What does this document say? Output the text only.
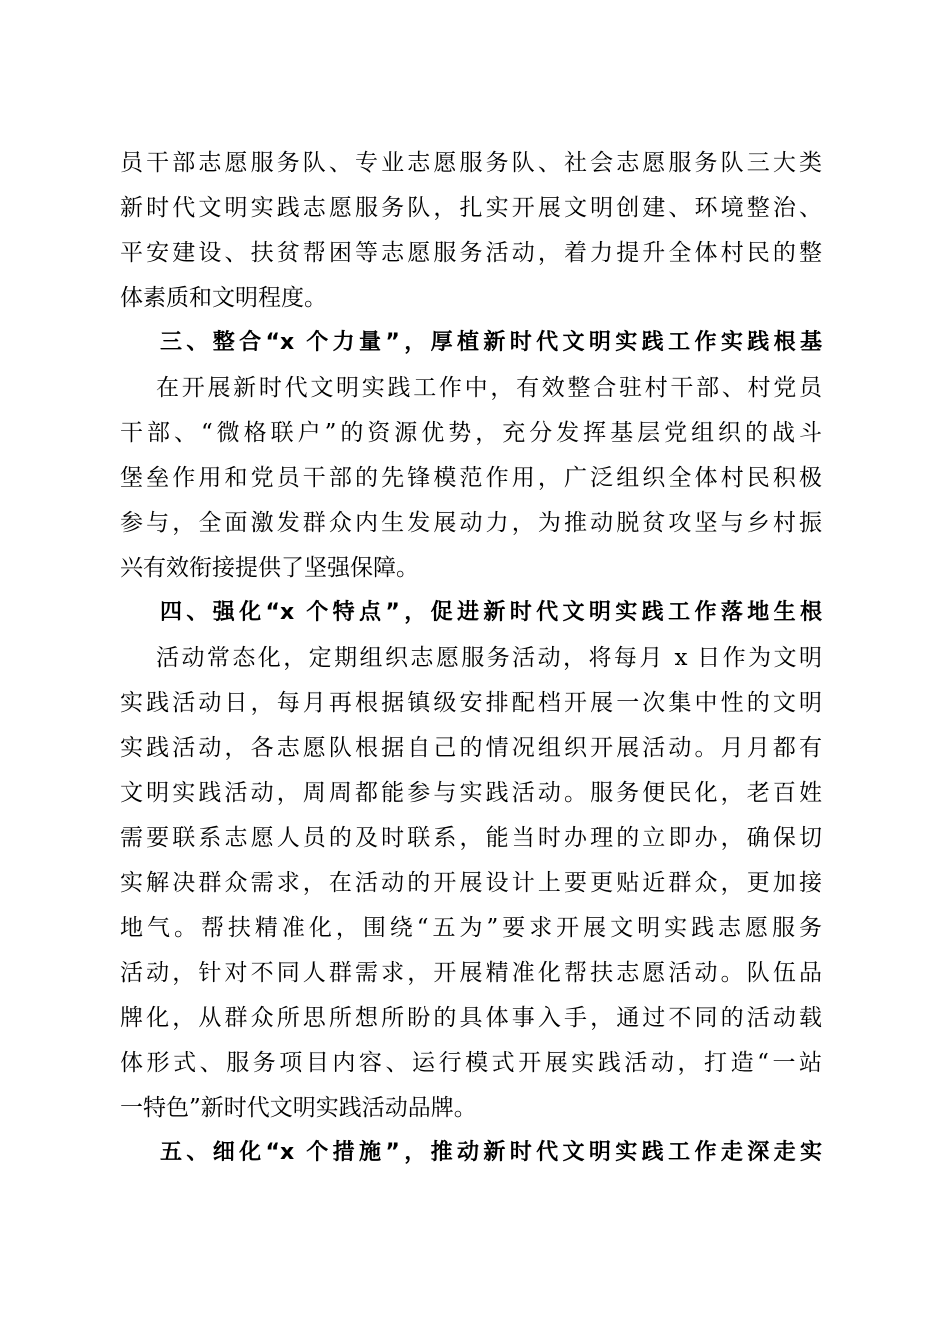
员干部志愿服务队、专业志愿服务队、社会志愿服务队三大类
新时代文明实践志愿服务队，扎实开展文明创建、环境整治、
平安建设、扶贫帮困等志愿服务活动，着力提升全体村民的整
体素质和文明程度。
三、整合“x 个力量”，厚植新时代文明实践工作实践根基
在开展新时代文明实践工作中，有效整合驻村干部、村党员
干部、“微格联户”的资源优势，充分发挥基层党组织的战斗
堡垒作用和党员干部的先锋模范作用，广泛组织全体村民积极
参与，全面激发群众内生发展动力，为推动脱贫攻坚与乡村振
兴有效衔接提供了坚强保障。
四、强化“x 个特点”，促进新时代文明实践工作落地生根
活动常态化，定期组织志愿服务活动，将每月 x 日作为文明
实践活动日，每月再根据镇级安排配档开展一次集中性的文明
实践活动，各志愿队根据自己的情况组织开展活动。月月都有
文明实践活动，周周都能参与实践活动。服务便民化，老百姓
需要联系志愿人员的及时联系，能当时办理的立即办，确保切
实解决群众需求，在活动的开展设计上要更贴近群众，更加接
地气。帮扶精准化，围绕“五为”要求开展文明实践志愿服务
活动，针对不同人群需求，开展精准化帮扶志愿活动。队伍品
牌化，从群众所思所想所盼的具体事入手，通过不同的活动载
体形式、服务项目内容、运行模式开展实践活动，打造“一站
一特色”新时代文明实践活动品牌。
五、细化“x 个措施”，推动新时代文明实践工作走深走实
